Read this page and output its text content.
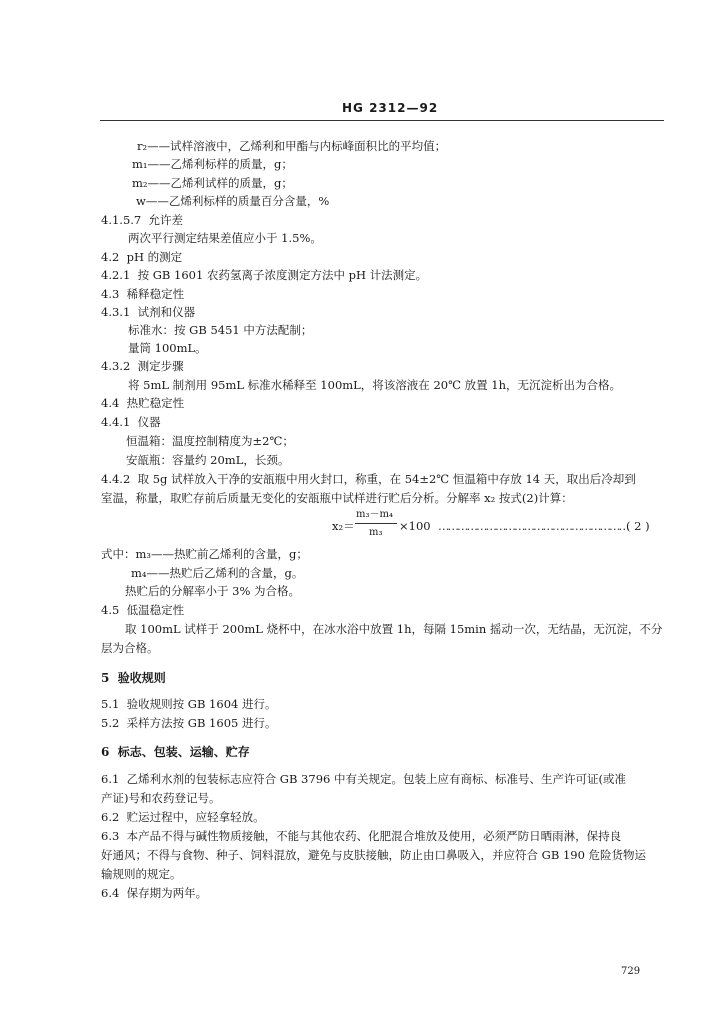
HG 2312—92
r₂——试样溶液中，乙烯利和甲酯与内标峰面积比的平均值；
m₁——乙烯利标样的质量，g；
m₂——乙烯利试样的质量，g；
w——乙烯利标样的质量百分含量，%
4.1.5.7 允许差
两次平行测定结果差值应小于 1.5%。
4.2 pH 的测定
4.2.1 按 GB 1601 农药氢离子浓度测定方法中 pH 计法测定。
4.3 稀释稳定性
4.3.1 试剂和仪器
标准水：按 GB 5451 中方法配制；
量筒 100mL。
4.3.2 测定步骤
将 5mL 制剂用 95mL 标准水稀释至 100mL，将该溶液在 20℃ 放置 1h，无沉淀析出为合格。
4.4 热贮稳定性
4.4.1 仪器
恒温箱：温度控制精度为±2℃；
安瓿瓶：容量约 20mL，长颈。
4.4.2 取 5g 试样放入干净的安瓿瓶中用火封口，称重，在 54±2℃ 恒温箱中存放 14 天，取出后冷却到
室温，称量，取贮存前后质量无变化的安瓿瓶中试样进行贮后分析。分解率 x₂ 按式(2)计算：
x₂＝
m₃－m₄
m₃ ×100 ……………………………………………………
( 2 )
式中：m₃——热贮前乙烯利的含量，g；
m₄——热贮后乙烯利的含量，g。
热贮后的分解率小于 3% 为合格。
4.5 低温稳定性
取 100mL 试样于 200mL 烧杯中，在冰水浴中放置 1h，每隔 15min 摇动一次，无结晶，无沉淀，不分
层为合格。
5 验收规则
5.1 验收规则按 GB 1604 进行。
5.2 采样方法按 GB 1605 进行。
6 标志、包装、运输、贮存
6.1 乙烯利水剂的包装标志应符合 GB 3796 中有关规定。包装上应有商标、标准号、生产许可证(或准
产证)号和农药登记号。
6.2 贮运过程中，应轻拿轻放。
6.3 本产品不得与碱性物质接触，不能与其他农药、化肥混合堆放及使用，必须严防日晒雨淋，保持良
好通风；不得与食物、种子、饲料混放，避免与皮肤接触，防止由口鼻吸入，并应符合 GB 190 危险货物运
输规则的规定。
6.4 保存期为两年。
729
